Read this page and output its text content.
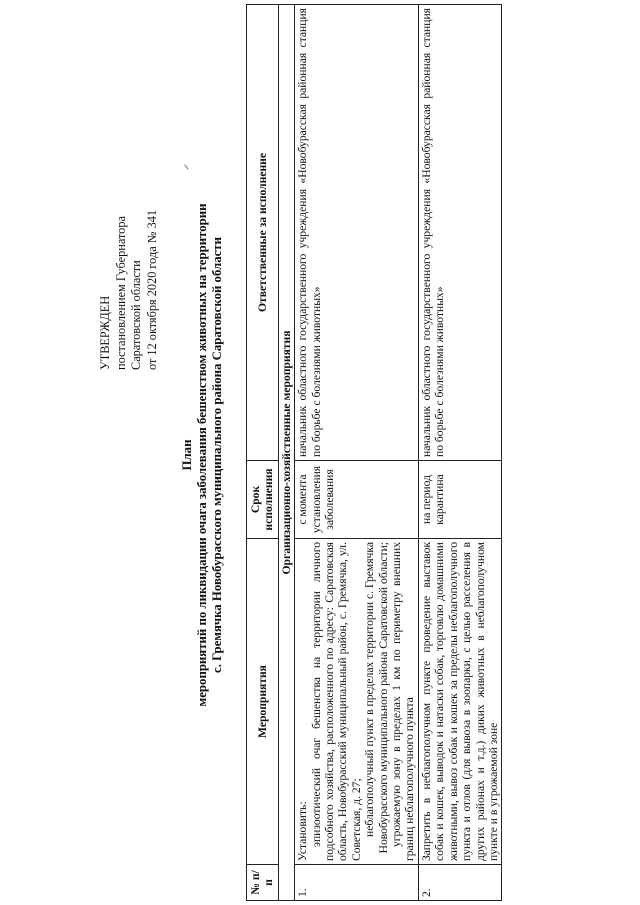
УТВЕРЖДЕН постановлением Губернатора Саратовской области от 12 октября 2020 года № 341
План мероприятий по ликвидации очага заболевания бешенством животных на территории с. Гремячка Новобурасского муниципального района Саратовской области
№ п/п	Мероприятия	Срок исполнения	Ответственные за исполнение
Организационно-хозяйственные мероприятия			
1.	Установить: эпизоотический очаг бешенства на территории личного подсобного хозяйства, расположенного по адресу: Саратовская область, Новобурасский муниципальный район, с. Гремячка, ул. Советская, д. 27; неблагополучный пункт в пределах территории с. Гремячка Новобурасского муниципального района Саратовской области; угрожаемую зону в пределах 1 км по периметру внешних границ неблагополучного пункта	с момента установления заболевания	начальник областного государственного учреждения «Новобурасская районная станция по борьбе с болезнями животных»
2.	Запретить в неблагополучном пункте проведение выставок собак и кошек, выводок и натаски собак, торговлю домашними животными, вывоз собак и кошек за пределы неблагополучного пункта и отлов (для вывоза в зоопарки, с целью расселения в других районах и т.д.) диких животных в неблагополучном пункте и в угрожаемой зоне	на период карантина	начальник областного государственного учреждения «Новобурасская районная станция по борьбе с болезнями животных»
